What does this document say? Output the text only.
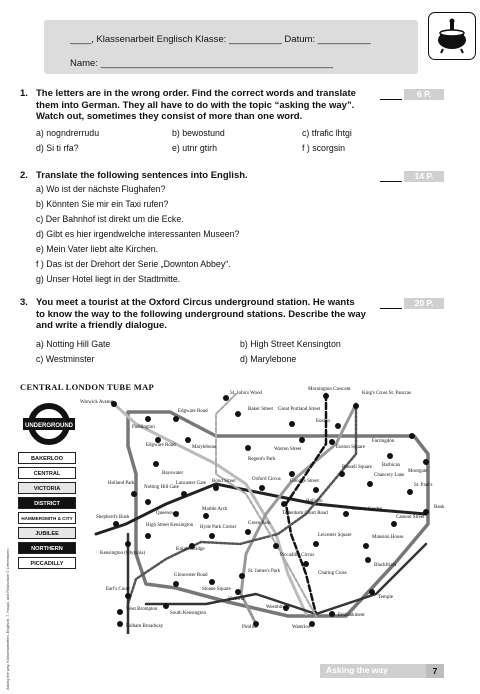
____, Klassenarbeit Englisch Klasse: __________ Datum: __________
Name: ____________________________________________
1. The letters are in the wrong order. Find the correct words and translate them into German. They all have to do with the topic “asking the way”. Watch out, sometimes they consist of more than one word.
6 P.
a) nogndrerrudu	b) bewostund	c) tfrafic lhtgi
d) Si ti rfa?	e) utnr gtirh	f ) scorgsin
2. Translate the following sentences into English.	14 P.
a) Wo ist der nächste Flughafen?
b) Könnten Sie mir ein Taxi rufen?
c) Der Bahnhof ist direkt um die Ecke.
d) Gibt es hier irgendwelche interessanten Museen?
e) Mein Vater liebt alte Kirchen.
f ) Das ist der Drehort der Serie „Downton Abbey“.
g) Unser Hotel liegt in der Stadtmitte.
3. You meet a tourist at the Oxford Circus underground station. He wants to know the way to the following underground stations. Describe the way and write a friendly dialogue.
20 P.
a) Notting Hill Gate	b) High Street Kensington
c) Westminster	d) Marylebone
CENTRAL LONDON TUBE MAP
UNDERGROUND
BAKERLOO
CENTRAL
VICTORIA
DISTRICT
HAMMERSMITH & CITY
JUBILEE
NORTHERN
PICCADILLY
Warwick Avenue
Paddington
Edgware Road	Baker Street
St. John's Wood
Great Portland Street
Mornington Crescent
Euston
King's Cross St. Pancras
Farringdon
Barbican
Moorgate
Warren Street	Euston Square
Regent's Park
Marylebone
Edgware Road
Bayswater
Holland Park
Notting Hill Gate
Lancaster Gate Bond Street	Oxford Circus Goodge Street
Russell Square
Chancery Lane
St. Paul's
Holborn
Tottenham Court Road
Covent Garden	Bank
Cannon Street
Shepherd's Bush
Queensway
Marble Arch
Kensington (Olympia)
High Street Kensington Hyde Park Corner
Green Park
Piccadilly Circus
Leicester Square	Mansion House
Knightsbridge
Charing Cross
Blackfriars
Gloucester Road
Sloane Square
St. James's Park
Temple
Earl's Court
South Kensington
Victoria
Westminster
Embankment
West Brompton
Fulham Broadway	Pimlico	Waterloo
Asking the way, Klassenarbeiten, Englisch, 7. Haupt- und Realschule © Lehrerbuero
Asking the way	7
